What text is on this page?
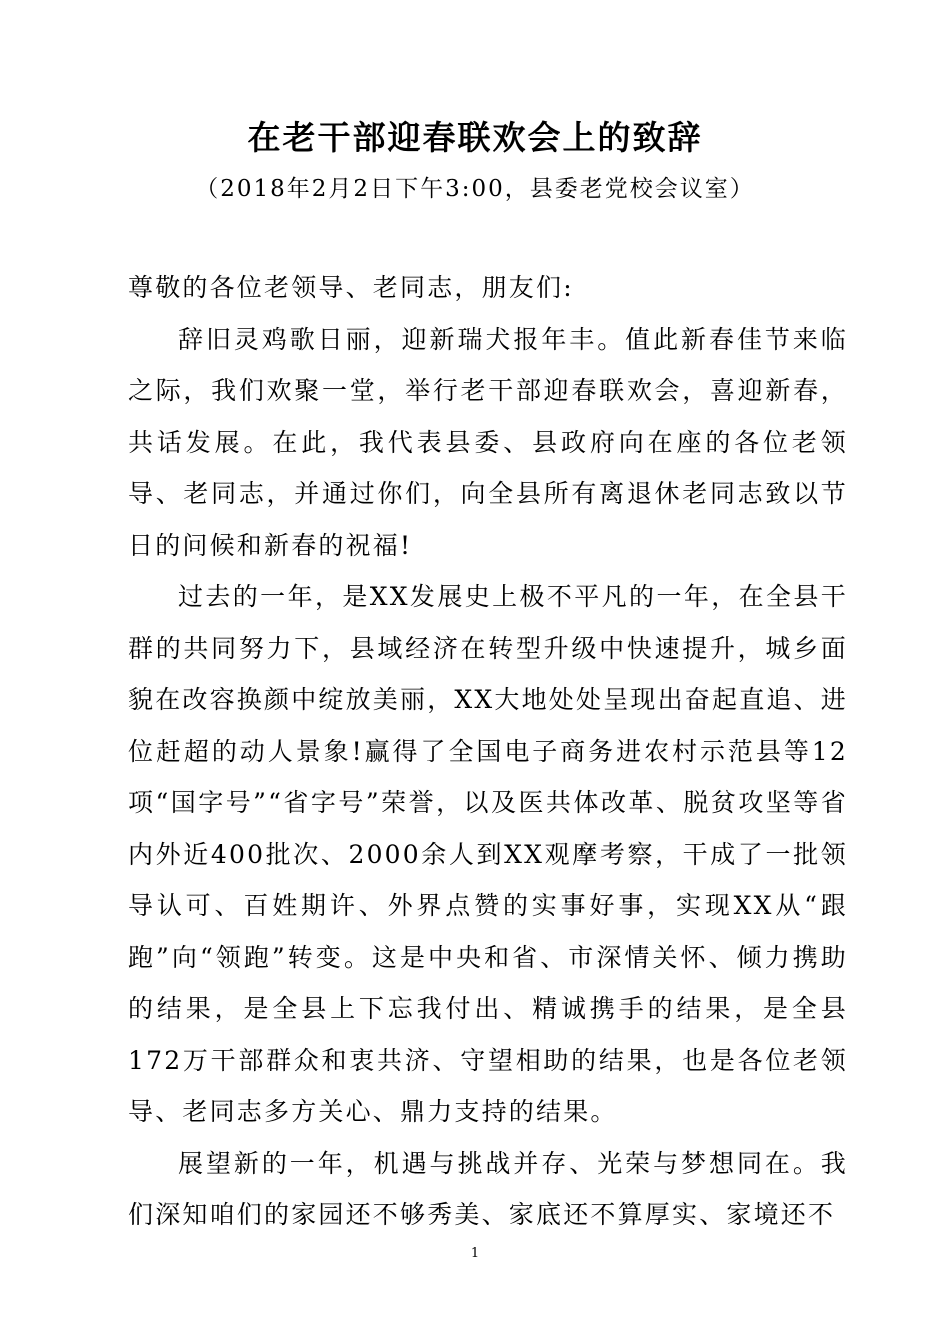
在老干部迎春联欢会上的致辞

（2018年2月2日下午3:00，县委老党校会议室）

尊敬的各位老领导、老同志，朋友们:

辞旧灵鸡歌日丽，迎新瑞犬报年丰。值此新春佳节来临之际，我们欢聚一堂，举行老干部迎春联欢会，喜迎新春，共话发展。在此，我代表县委、县政府向在座的各位老领导、老同志，并通过你们，向全县所有离退休老同志致以节日的问候和新春的祝福!

过去的一年，是XX发展史上极不平凡的一年，在全县干群的共同努力下，县域经济在转型升级中快速提升，城乡面貌在改容换颜中绽放美丽，XX大地处处呈现出奋起直追、进位赶超的动人景象!赢得了全国电子商务进农村示范县等12项“国字号”“省字号”荣誉，以及医共体改革、脱贫攻坚等省内外近400批次、2000余人到XX观摩考察，干成了一批领导认可、百姓期许、外界点赞的实事好事，实现XX从“跟跑”向“领跑”转变。这是中央和省、市深情关怀、倾力携助的结果，是全县上下忘我付出、精诚携手的结果，是全县172万干部群众和衷共济、守望相助的结果，也是各位老领导、老同志多方关心、鼎力支持的结果。

展望新的一年，机遇与挑战并存、光荣与梦想同在。我们深知咱们的家园还不够秀美、家底还不算厚实、家境还不

1
